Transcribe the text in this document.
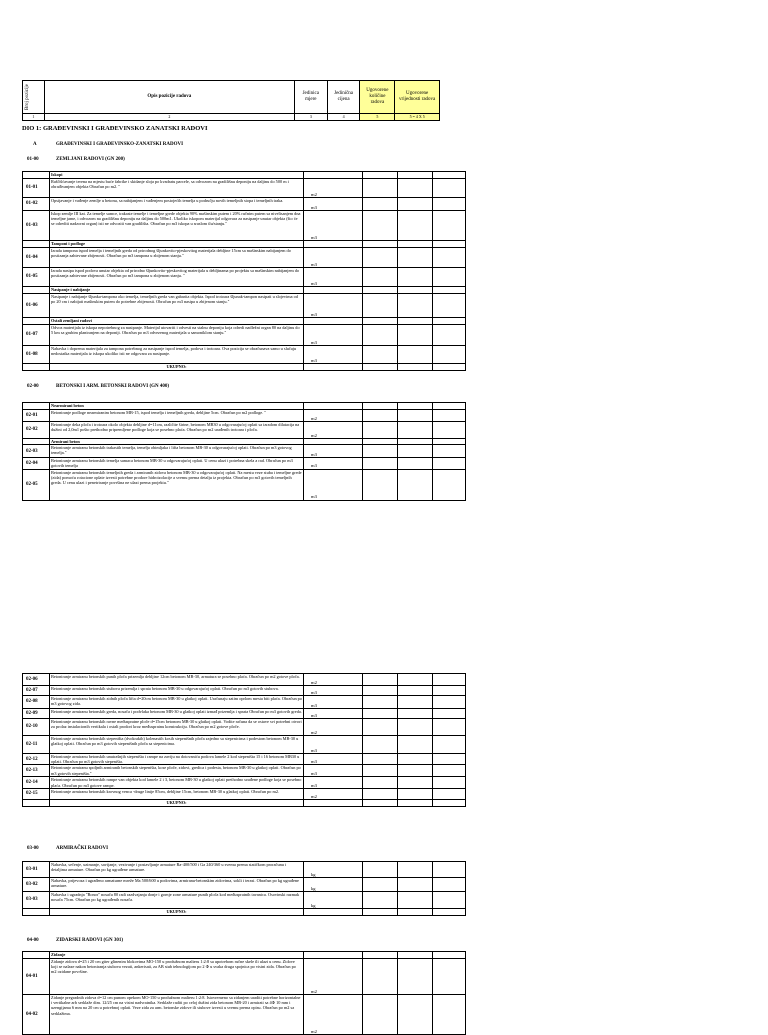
Broj pozicije	Opis pozicije radova	Jedinica mjere	Jedinična cijena	Ugovorene količine radova	Ugovorene vrijednosti radova
1	2	3	4	5	5 = 4 X 5
DIO 1: GRAĐEVINSKI I GRAĐEVINSKO ZANATSKI RADOVI
A	GRAĐEVINSKI I GRAĐEVINSKO-ZANATSKI RADOVI
01-00	ZEMLJANI RADOVI (GN 200)
	Iskopi				
01-01	Raščišćavanje terena na mjestu buće fabrike i skidanje sloja po kvadratu parcele, sa odvozom na gradilišnu deponiju na daljinu do 500 m i obrađivanjem objekta Obračun po m2. "	m2			
01-02	Opsijavanje i vađenje zemlje u betonu, sa nabijanjem i vađenjem postojećih temelja u području novih temeljnih stopa i temeljnih traka.	m3			
01-03	Iskop zemlje III kat. Za temelje samce, trakaste temelje i temeljne grede objekta 90% mašinskim putem i 20% ručnim putem sa nivelisanjem dna temeljne jame, i odvozom na gradilišnu deponiju na daljinu do 500m1. Ukoliko iskopom materijal odgovara za nasipanje unutar objekta (što će se odrediti nadzorni organ) isti ne odvoziti van gradilišta. Obračun po m3 iskopa u sraslom tlu/stanju."	m3			
	Tamponi i podloge				
01-04	Izrada tampona ispod temelja i temeljnih greda od prirodnog šljunkovito-pjeskovitog materijala debljine 15cm sa mašinskim nabijanjem do postizanja zahtevane zbijenosti. Obračun po m3 tampona u zbijenom stanju."	m3			
01-05	Izrada nasipa ispod podova unutar objekta od prirodno šljunkovito-pjeskovitog materijala u debljinama po projektu sa mašinskim nabijanjem do postizanja zahtevane zbijenosti. Obračun po m3 tampona u zbijenom stanju. "	m3			
	Nasipanje i nabijanje				
01-06	Nasipanje i nabijanje šljunka-tampona oko temelja, temeljnih greda van gabarita objekta. Ispod trotoara šljunak-tampon nasipati u slojevima od po 20 cm i nabijati mašinskim putem do potrebne zbijenosti. Obračun po m3 nasipa u zbijenom stanju."	m3			
	Ostali zemljani radovi				
01-07	Odvoz materijala iz iskopa nepotrebnog za nasipanje. Materijal utovariti i odvesti na stalnu deponiju koja odredi nadležni organ 80 na daljinu do 5 km sa grubim planiranjem na deponiji. Obračun po m3 odvezenog materijala u samoniklom stanju."	m3			
01-08	Nabavka i doprema materijala za tampona potrebnog za nasipanje ispod temelja, podova i trotoara. Ova pozicija se obračunava samo u slučaju nedostatka materijala iz iskopa ukoliko isti ne odgovara za nasipanje.	m3			
	UKUPNO:				
02-00	BETONSKI I ARM. BETONSKI RADOVI (GN 400)
	Nearmirani beton				
02-01	Betoniranje podloge nearmiranim betonom MB-15, ispod temelja i temeljnih greda, debljine 5cm. Obračun po m2 podloge. "	m2			
02-02	Betoniranje deka ploča i trotoara okolo objekta debljine d=11cm, različite širine, betonom MB30 u odgovarajućoj oplati sa izradom dilatacija na dužini od 2,0m1 pošto prethodno pripremljene podloge koja se posebno plaća. Obračun po m2 urađenih trotoara i ploča.	m2			
	Armirani beton				
02-03	Betoniranje armiranu betonskih trakastih temelja, temelja obimljaka i lifta betonom MB-30 u odgovarajućoj oplati. Obračun po m3 gotovog temelja."	m3			
02-04	Betoniranje armiranu betonskih temelja samaca betonom MB-30 u odgovarajućoj oplati. U cenu ulazi i potrebna skela a rad. Obračun po m3 gotovih temelja	m3			
02-05	Betoniranje armiranu betonskih temeljnih greda i armiranih zidova betonom MB-30 u odgovarajućoj oplati. Na mestu veze stuba i temeljne grede (zida) pomoću rotacione oplate izvesti potrebne prodore hidroizolacije a svemu prema detalju iz projekta. Obračun po m3 gotovih temeljnih greda. U cenu ulazi i penetriranje površina ne ulazi prema projektu."	m3			
02-06	Betoniranje armiranu betonskih punih ploča prizemlja debljine 12cm betonom MB-30, armatura se posebno plaća. Obračun po m2 gotove ploča.	m2			
02-07	Betoniranje armiranu betonskih stubova prizemlja i sprata betonom MB-30 u odgovarajućoj oplati. Obračun po m3 gotovih stubova.	m3			
02-08	Betoniranje armiranu betonskih zidnih ploča lifta d=20cm betonom MB-30 u glatkoj oplati. Uračunaju zatim oprlom mesta biti plaća. Obračun po m3 gotovog zida.	m3			
02-09	Betoniranje armiranu betonskih greda, nosača i podvlaka betonom MB-30 u glatkoj oplati izmađ prizemlja i sprata Obračun po m3 gotovih greda.	m3			
02-10	Betoniranje armiranu betonskih ravne međuspratne ploče d=15cm betonom MB-30 u glatkoj oplati. Vodite računa da se ostave svi potrebni otvori za prolaz instalacionih vertikala i ostali prodori kroz međuspratnu konstrukciju. Obračun po m2 gotove ploče.	m2			
02-11	Betoniranje armiranu betonskih stepeništa (dvokrakih) kolenastih kosih stepenišnih ploča zajedno sa stepenicima i podestom betonom MB-30 u glatkoj oplati. Obračun po m3 gotovih stepenišnih ploča sa stepenicima.	m3			
02-12	Betoniranje armiranu betonskih unutrašnjih stepeništa i rampe na zaviju na dotovaniću podova lamele 2 kod stepeništa 15 i 16 betonom MB30 u oplati. Obračun po m3 gotovih stepeništa.	m3			
02-13	Betoniranje armiranu spoljnih armiranih betonskih stepeništa, kose ploče, zidovi, gredica i podesta, betonom MB-30 u glatkoj oplati. Obračun po m3 gotovih stepeništa."	m3			
02-14	Betoniranje armiranu betonskih rampe van objekta kod lamele 2 i 3, betonom MB-30 u glatkoj oplati prethodno urađene podloge koja se posebno plaća. Obračun po m3 gotove rampe.	m3			
02-15	Betoniranje armiranu betonskih krovnog venca -druge linije 85cm, debljine 15cm, betonom MB-30 u glatkoj oplati. Obračun po m2.	m2			
	UKUPNO:				
03-00	ARMIRAČKI RADOVI
03-01	Nabavka, sečenje, uzimanje, savijanje, vezivanje i postavljanje armature Ra-400/500 i Ga 240/360 u svemu prema statičkom proračunu i detaljima armature. Obračun po kg ugrađene armature.	kg			
03-02	Nabavka, prijevoza i ugrađeno armaturne mreže Ma 500/600 u podovima, armiranu-betonskim zidovima, sokli i terasi. Obračun po kg ugrađene armature.	kg			
03-03	Nabavka i ugradnja "Bonor" nosača 80 radi razdvajanja donje i gornje zone armature punih ploča kod međuspratnih tavanica. Osovinski razmak nosača 75cm. Obračun po kg ugrađenih nosača.	kg			
	UKUPNO:				
04-00	ZIDARSKI RADOVI (GN 301)
	Zidanje				
04-01	Zidanje zidova d=25 i 20 cm giter glinenim blokovima MO-150 u produžnom malteru 1:2:8 sa upotrebom ručne skele ili ulazi u cenu. Zidove koji se nalaze nakon betoniranja stubova vezati, ankerisati, za AB stub tehnologijom po 2 Ф u svaka druga spojnica po visini zida. Obračun po m2 ozidane površine.	m2			
04-02	Zidanje pregradnih zidova d=12 cm punom opekom MO-150 u produžnom malteru 1:2:8. Istovremeno sa zidanjem uraditi potrebne horizontalne i vertikalne arb serklaže dim. 12/25 cm na visini nadvratnika. Serklaže raditi po celoj dužini zida betonom MB-20 i armirati sa 4Ф 10 mm i uzengijama 6 mm na 20 cm u potrebnoj oplati. Veze zida za arm. betonske zidove ili stubove izvesti u svemu prema opisu. Obračun po m2 sa serklažima.	m2			
